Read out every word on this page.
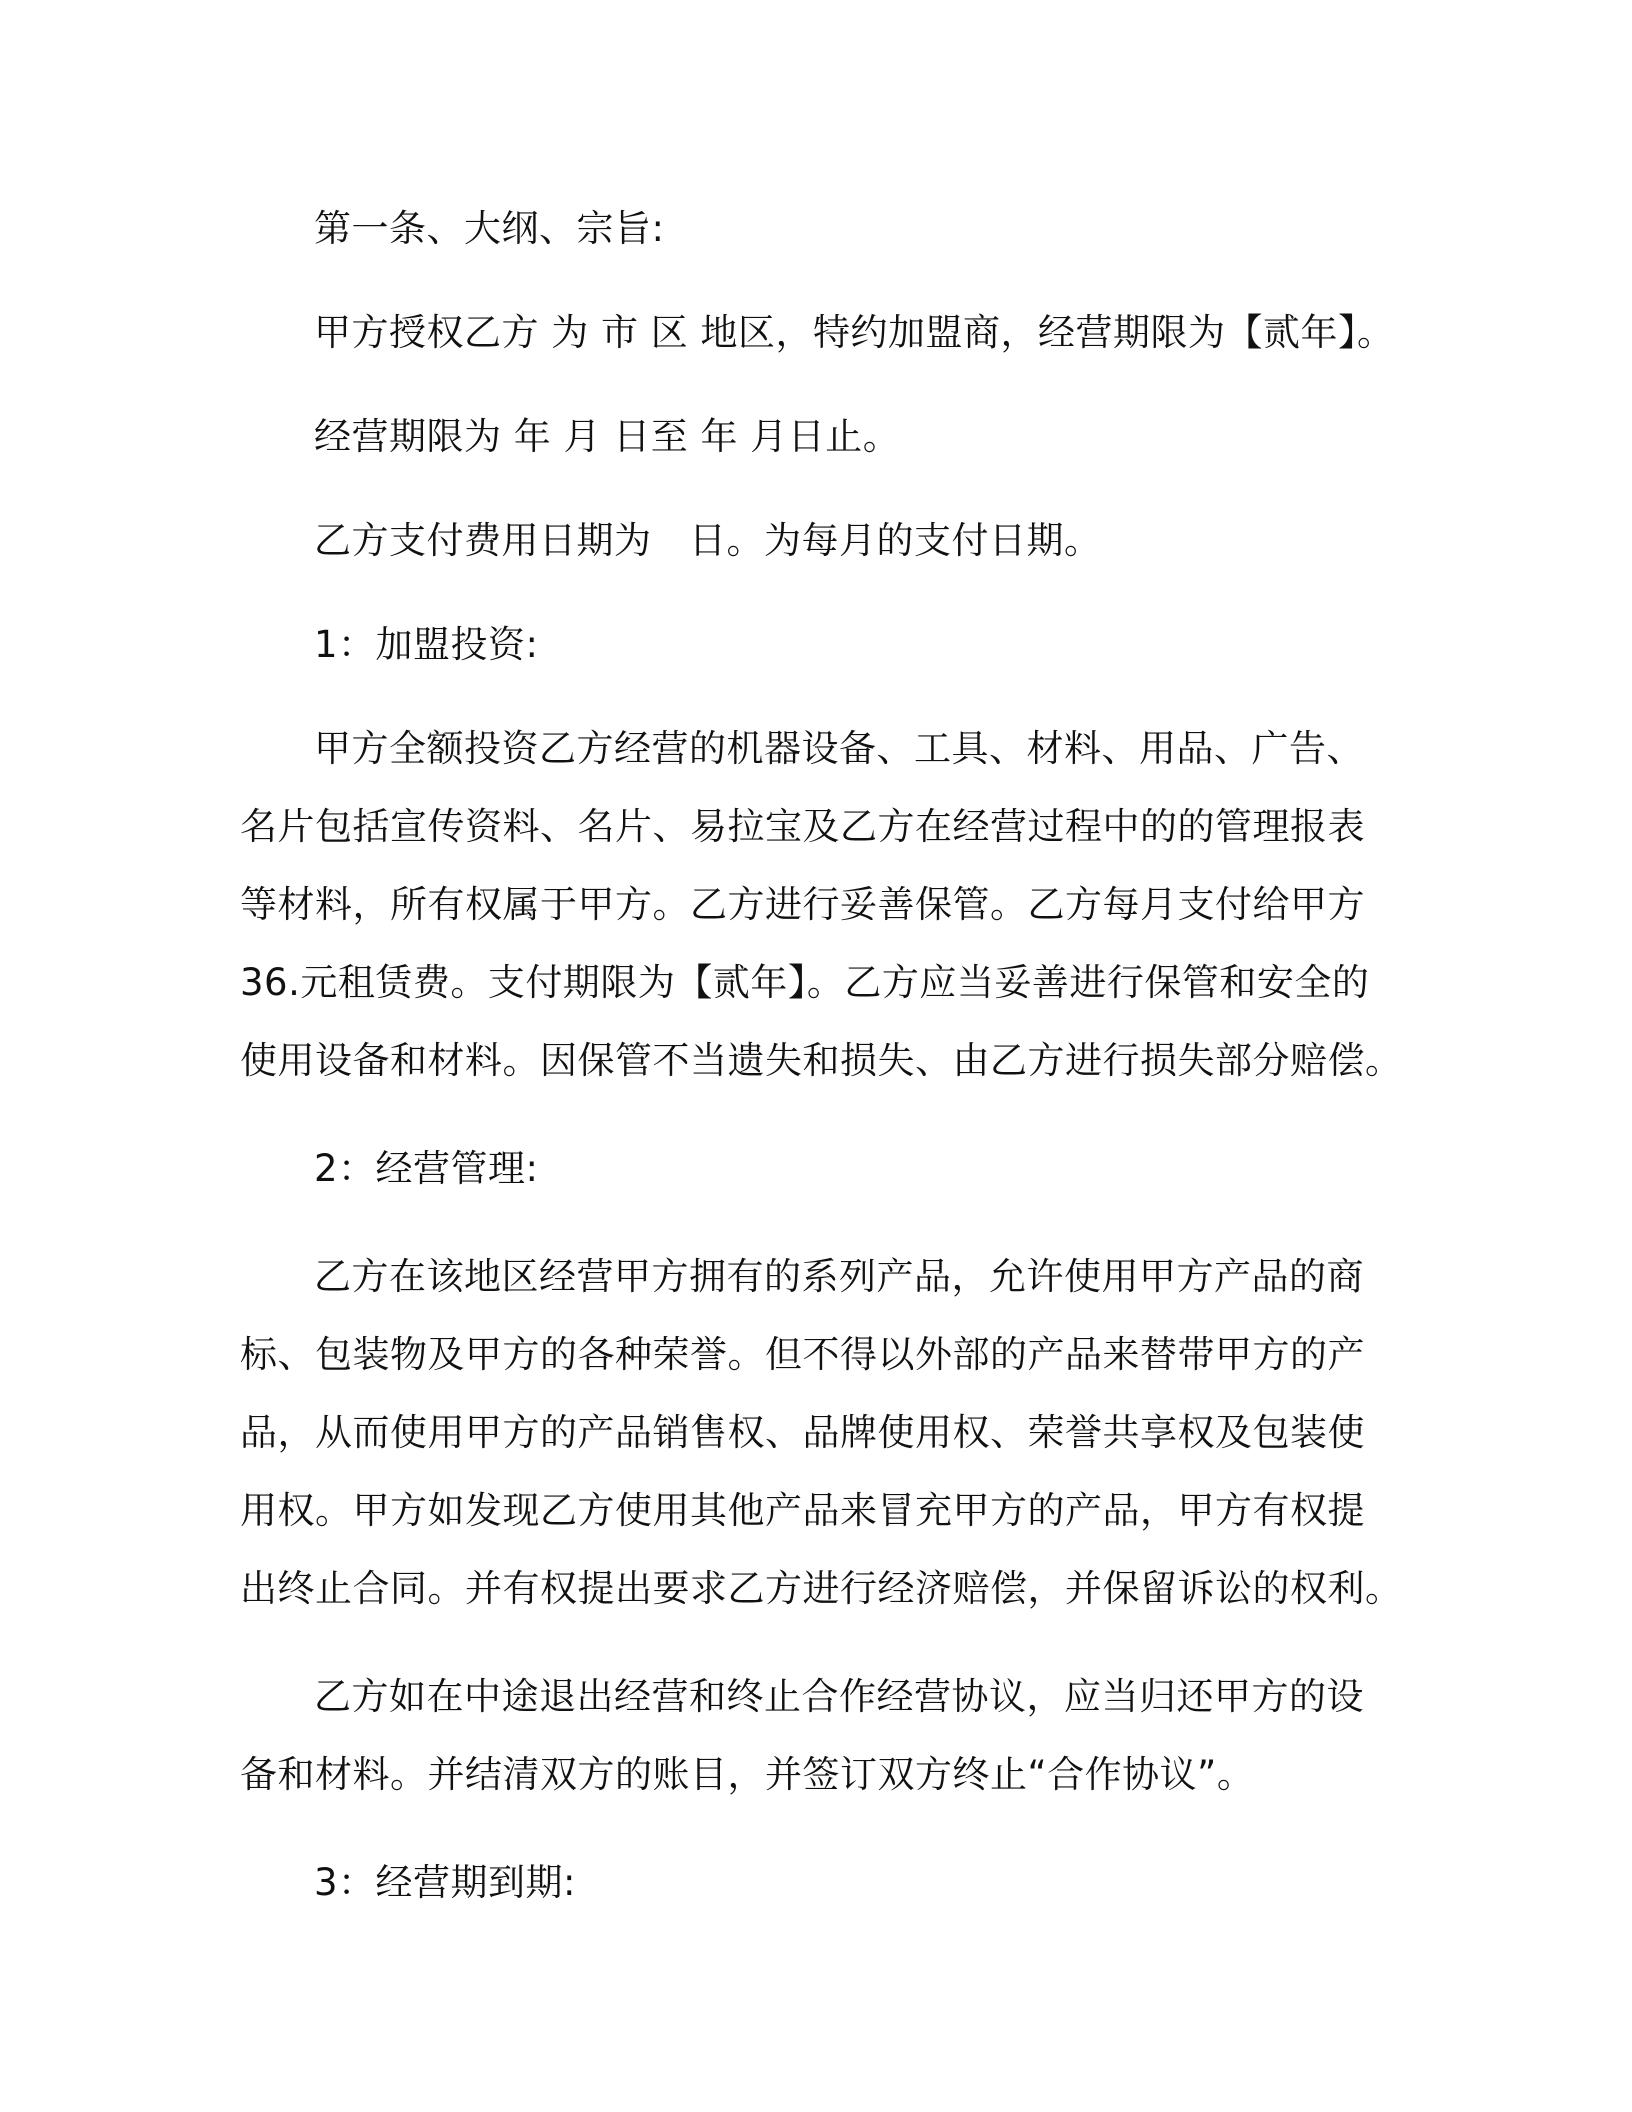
第一条、大纲、宗旨:
甲方授权乙方 为 市 区 地区，特约加盟商，经营期限为【贰年】。
经营期限为 年 月 日至 年 月日止。
乙方支付费用日期为　日。为每月的支付日期。
1：加盟投资:
甲方全额投资乙方经营的机器设备、工具、材料、用品、广告、
名片包括宣传资料、名片、易拉宝及乙方在经营过程中的的管理报表
等材料，所有权属于甲方。乙方进行妥善保管。乙方每月支付给甲方
36.元租赁费。支付期限为【贰年】。乙方应当妥善进行保管和安全的
使用设备和材料。因保管不当遗失和损失、由乙方进行损失部分赔偿。
2：经营管理:
乙方在该地区经营甲方拥有的系列产品，允许使用甲方产品的商
标、包装物及甲方的各种荣誉。但不得以外部的产品来替带甲方的产
品，从而使用甲方的产品销售权、品牌使用权、荣誉共享权及包装使
用权。甲方如发现乙方使用其他产品来冒充甲方的产品，甲方有权提
出终止合同。并有权提出要求乙方进行经济赔偿，并保留诉讼的权利。
乙方如在中途退出经营和终止合作经营协议，应当归还甲方的设
备和材料。并结清双方的账目，并签订双方终止“合作协议”。
3：经营期到期:
